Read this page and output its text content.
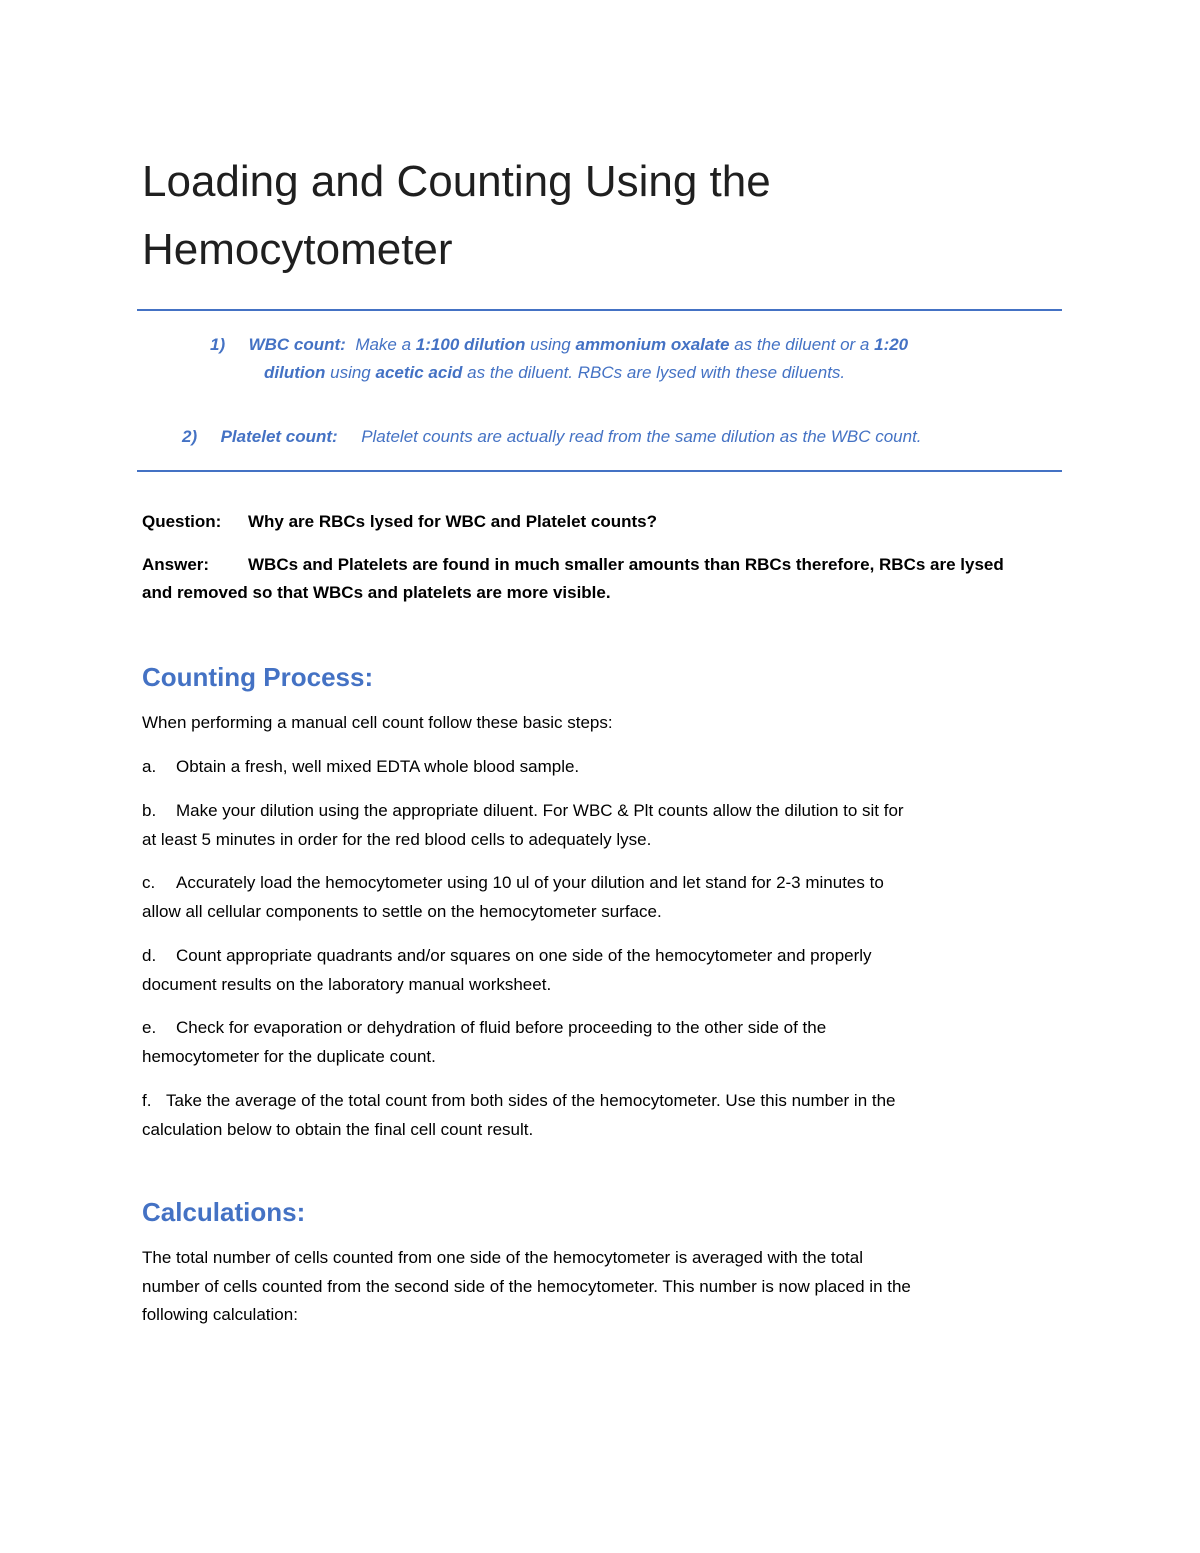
Loading and Counting Using the
Hemocytometer
1) WBC count: Make a 1:100 dilution using ammonium oxalate as the diluent or a 1:20
dilution using acetic acid as the diluent. RBCs are lysed with these diluents.
2) Platelet count: Platelet counts are actually read from the same dilution as the WBC count.
Question: Why are RBCs lysed for WBC and Platelet counts?
Answer: WBCs and Platelets are found in much smaller amounts than RBCs therefore, RBCs are lysed
and removed so that WBCs and platelets are more visible.
Counting Process:
When performing a manual cell count follow these basic steps:
a. Obtain a fresh, well mixed EDTA whole blood sample.
b. Make your dilution using the appropriate diluent. For WBC & Plt counts allow the dilution to sit for
at least 5 minutes in order for the red blood cells to adequately lyse.
c. Accurately load the hemocytometer using 10 ul of your dilution and let stand for 2-3 minutes to
allow all cellular components to settle on the hemocytometer surface.
d. Count appropriate quadrants and/or squares on one side of the hemocytometer and properly
document results on the laboratory manual worksheet.
e. Check for evaporation or dehydration of fluid before proceeding to the other side of the
hemocytometer for the duplicate count.
f. Take the average of the total count from both sides of the hemocytometer. Use this number in the
calculation below to obtain the final cell count result.
Calculations:
The total number of cells counted from one side of the hemocytometer is averaged with the total
number of cells counted from the second side of the hemocytometer. This number is now placed in the
following calculation:
